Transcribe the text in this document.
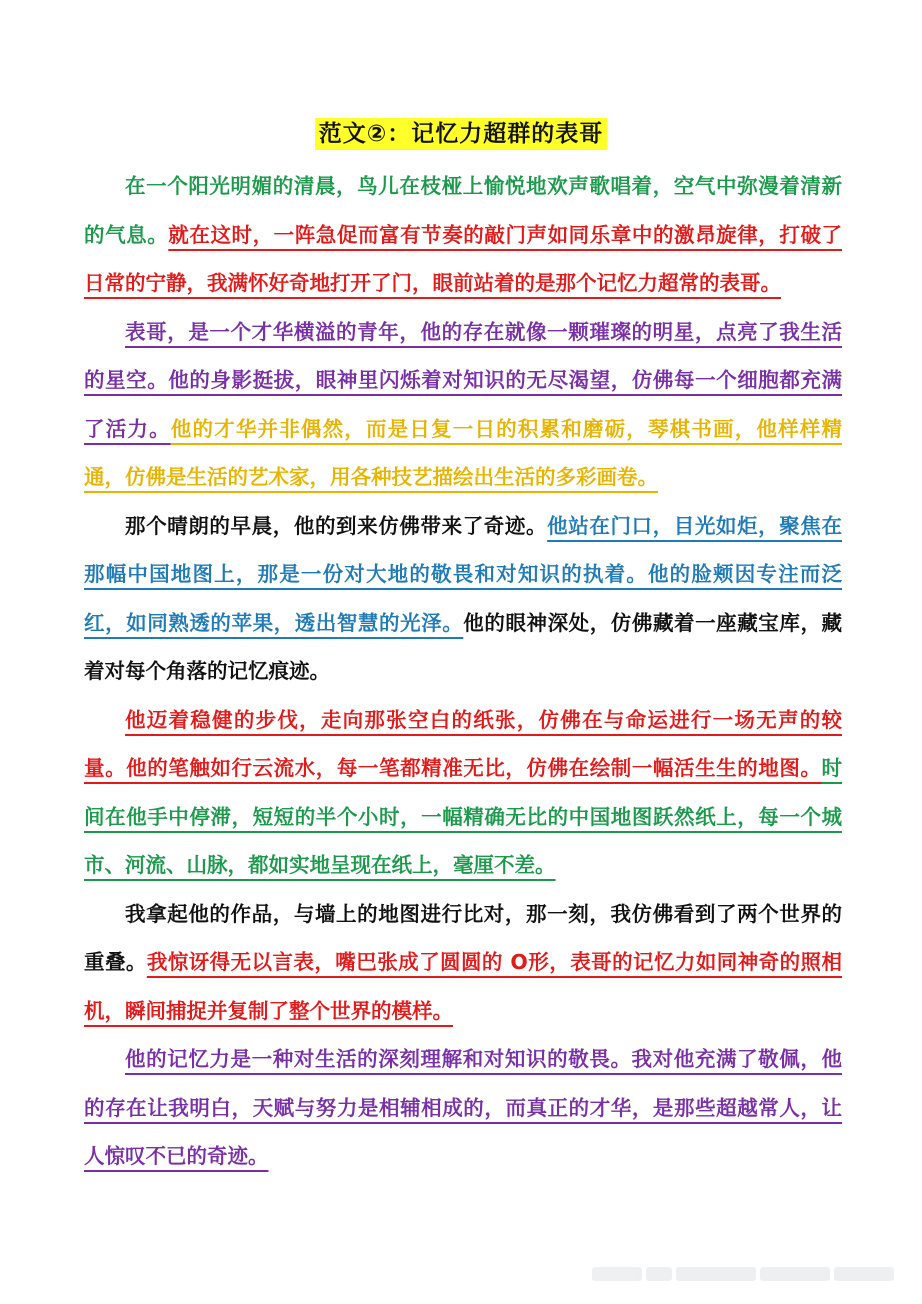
范文②：记忆力超群的表哥

在一个阳光明媚的清晨，鸟儿在枝桠上愉悦地欢声歌唱着，空气中弥漫着清新的气息。就在这时，一阵急促而富有节奏的敲门声如同乐章中的激昂旋律，打破了日常的宁静，我满怀好奇地打开了门，眼前站着的是那个记忆力超常的表哥。

表哥，是一个才华横溢的青年，他的存在就像一颗璀璨的明星，点亮了我生活的星空。他的身影挺拔，眼神里闪烁着对知识的无尽渴望，仿佛每一个细胞都充满了活力。他的才华并非偶然，而是日复一日的积累和磨砺，琴棋书画，他样样精通，仿佛是生活的艺术家，用各种技艺描绘出生活的多彩画卷。

那个晴朗的早晨，他的到来仿佛带来了奇迹。他站在门口，目光如炬，聚焦在那幅中国地图上，那是一份对大地的敬畏和对知识的执着。他的脸颊因专注而泛红，如同熟透的苹果，透出智慧的光泽。他的眼神深处，仿佛藏着一座藏宝库，藏着对每个角落的记忆痕迹。

他迈着稳健的步伐，走向那张空白的纸张，仿佛在与命运进行一场无声的较量。他的笔触如行云流水，每一笔都精准无比，仿佛在绘制一幅活生生的地图。时间在他手中停滞，短短的半个小时，一幅精确无比的中国地图跃然纸上，每一个城市、河流、山脉，都如实地呈现在纸上，毫厘不差。

我拿起他的作品，与墙上的地图进行比对，那一刻，我仿佛看到了两个世界的重叠。我惊讶得无以言表，嘴巴张成了圆圆的 O形，表哥的记忆力如同神奇的照相机，瞬间捕捉并复制了整个世界的模样。

他的记忆力是一种对生活的深刻理解和对知识的敬畏。我对他充满了敬佩，他的存在让我明白，天赋与努力是相辅相成的，而真正的才华，是那些超越常人，让人惊叹不已的奇迹。
